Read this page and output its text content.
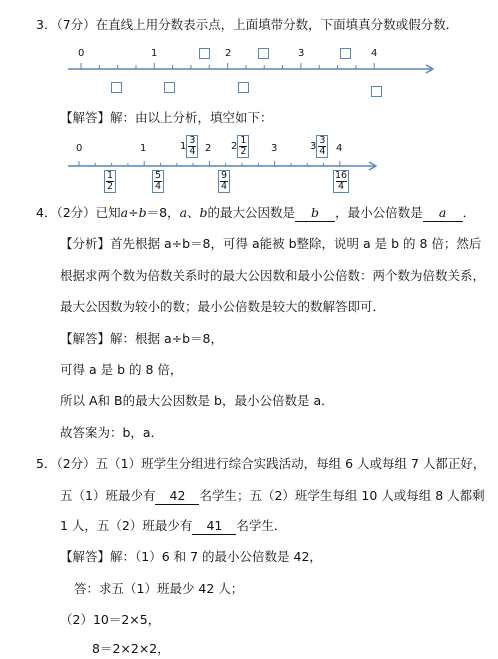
3．（7分）在直线上用分数表示点，上面填带分数，下面填真分数或假分数．
0	1	2	3	4
【解答】解：由以上分析，填空如下：
0	1	2	3	4
1
3
4	2
1
2	3
3
4
1
2
5
4
9
4
16
4
4．（2分）已知a÷b＝8，a、b的最大公因数是 b ，最小公倍数是 a ．
【分析】首先根据 a÷b＝8，可得 a能被 b整除，说明 a 是 b 的 8 倍；然后
根据求两个数为倍数关系时的最大公因数和最小公倍数：两个数为倍数关系，
最大公因数为较小的数；最小公倍数是较大的数解答即可．
【解答】解：根据 a÷b＝8，
可得 a 是 b 的 8 倍，
所以 A和 B的最大公因数是 b，最小公倍数是 a．
故答案为：b，a．
5．（2分）五（1）班学生分组进行综合实践活动，每组 6 人或每组 7 人都正好，
五（1）班最少有 42 名学生；五（2）班学生每组 10 人或每组 8 人都剩
1 人，五（2）班最少有 41 名学生．
【解答】解：（1）6 和 7 的最小公倍数是 42，
答：求五（1）班最少 42 人；
（2）10＝2×5，
8＝2×2×2，
